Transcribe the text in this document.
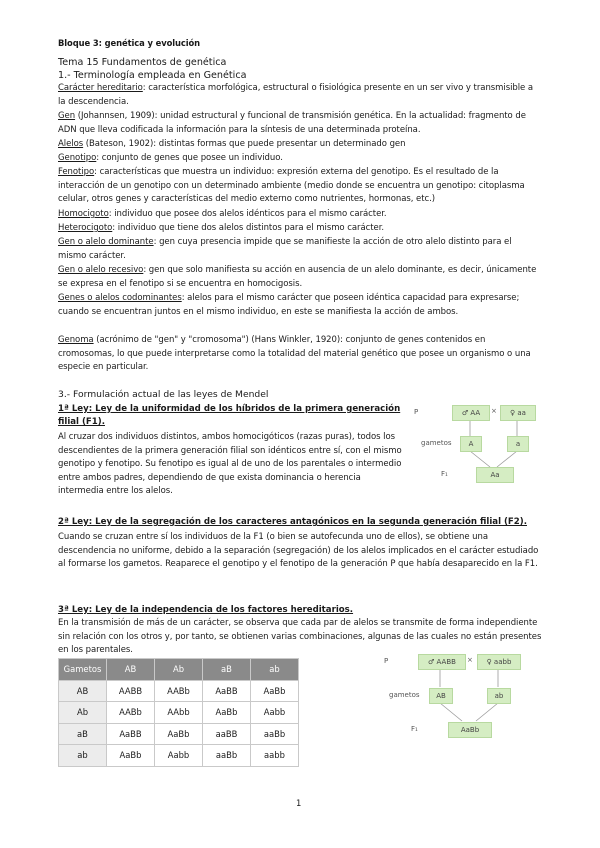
Bloque 3: genética y evolución
Tema 15 Fundamentos de genética
1.- Terminología empleada en Genética
Carácter hereditario: característica morfológica, estructural o fisiológica presente en un ser vivo y transmisible a la descendencia.
Gen (Johannsen, 1909): unidad estructural y funcional de transmisión genética. En la actualidad: fragmento de ADN que lleva codificada la información para la síntesis de una determinada proteína.
Alelos (Bateson, 1902): distintas formas que puede presentar un determinado gen
Genotipo: conjunto de genes que posee un individuo.
Fenotipo: características que muestra un individuo: expresión externa del genotipo. Es el resultado de la interacción de un genotipo con un determinado ambiente (medio donde se encuentra un genotipo: citoplasma celular, otros genes y características del medio externo como nutrientes, hormonas, etc.)
Homocigoto: individuo que posee dos alelos idénticos para el mismo carácter.
Heterocigoto: individuo que tiene dos alelos distintos para el mismo carácter.
Gen o alelo dominante: gen cuya presencia impide que se manifieste la acción de otro alelo distinto para el mismo carácter.
Gen o alelo recesivo: gen que solo manifiesta su acción en ausencia de un alelo dominante, es decir, únicamente se expresa en el fenotipo si se encuentra en homocigosis.
Genes o alelos codominantes: alelos para el mismo carácter que poseen idéntica capacidad para expresarse; cuando se encuentran juntos en el mismo individuo, en este se manifiesta la acción de ambos.
Genoma (acrónimo de "gen" y "cromosoma") (Hans Winkler, 1920): conjunto de genes contenidos en cromosomas, lo que puede interpretarse como la totalidad del material genético que posee un organismo o una especie en particular.
3.- Formulación actual de las leyes de Mendel
1ª Ley: Ley de la uniformidad de los híbridos de la primera generación filial (F1).
Al cruzar dos individuos distintos, ambos homocigóticos (razas puras), todos los descendientes de la primera generación filial son idénticos entre sí, con el mismo genotipo y fenotipo. Su fenotipo es igual al de uno de los parentales o intermedio entre ambos padres, dependiendo de que exista dominancia o herencia intermedia entre los alelos.
P	♂ AA	×	♀ aa
gametos	A	a
F₁	Aa
2ª Ley: Ley de la segregación de los caracteres antagónicos en la segunda generación filial (F2).
Cuando se cruzan entre sí los individuos de la F1 (o bien se autofecunda uno de ellos), se obtiene una descendencia no uniforme, debido a la separación (segregación) de los alelos implicados en el carácter estudiado al formarse los gametos. Reaparece el genotipo y el fenotipo de la generación P que había desaparecido en la F1.
3ª Ley: Ley de la independencia de los factores hereditarios.
En la transmisión de más de un carácter, se observa que cada par de alelos se transmite de forma independiente sin relación con los otros y, por tanto, se obtienen varias combinaciones, algunas de las cuales no están presentes en los parentales.
Gametos	AB	Ab	aB	ab
AB	AABB	AABb	AaBB	AaBb
Ab	AABb	AAbb	AaBb	Aabb
aB	AaBB	AaBb	aaBB	aaBb
ab	AaBb	Aabb	aaBb	aabb
P	♂ AABB	×	♀ aabb
gametos	AB	ab
F₁	AaBb
1
